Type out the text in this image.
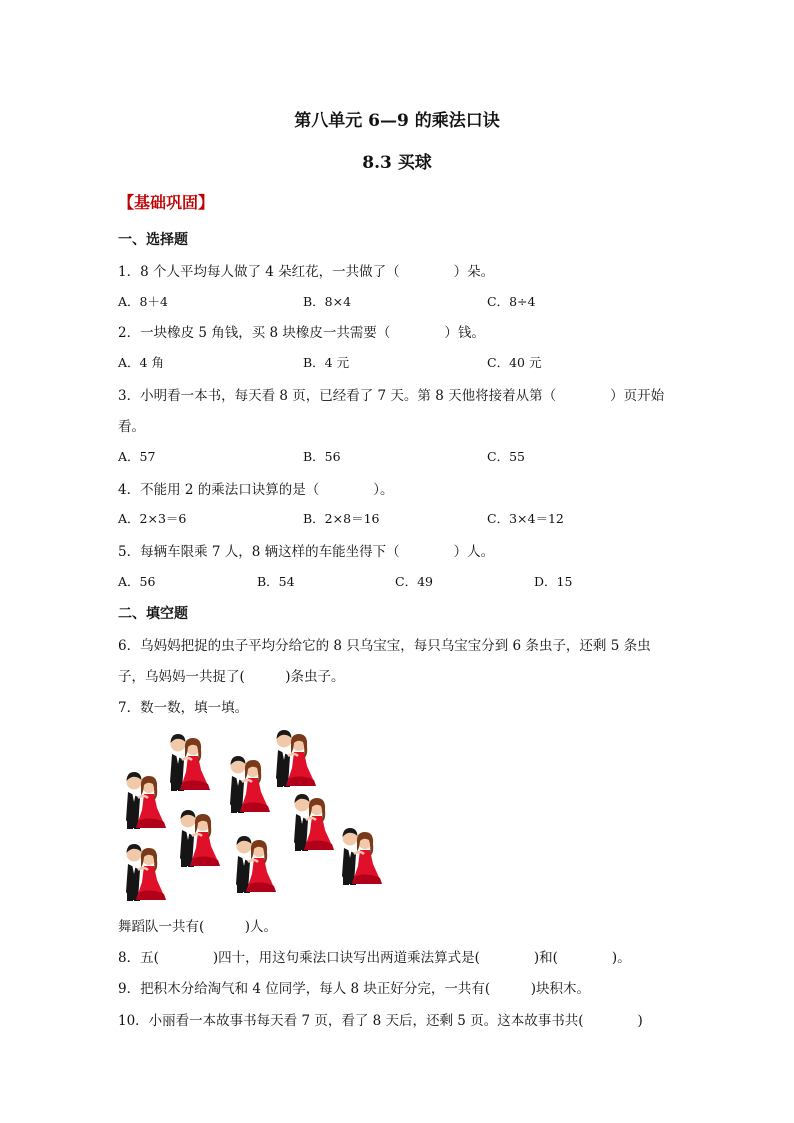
第八单元 6—9 的乘法口诀
8.3 买球
【基础巩固】
一、选择题
1．8 个人平均每人做了 4 朵红花，一共做了（　　　　）朵。
A．8＋4	B．8×4	C．8÷4
2．一块橡皮 5 角钱，买 8 块橡皮一共需要（　　　　）钱。
A．4 角	B．4 元	C．40 元
3．小明看一本书，每天看 8 页，已经看了 7 天。第 8 天他将接着从第（　　　　）页开始
看。
A．57	B．56	C．55
4．不能用 2 的乘法口诀算的是（　　　　）。
A．2×3＝6	B．2×8＝16	C．3×4＝12
5．每辆车限乘 7 人，8 辆这样的车能坐得下（　　　　）人。
A．56	B．54	C．49	D．15
二、填空题
6．乌妈妈把捉的虫子平均分给它的 8 只乌宝宝，每只乌宝宝分到 6 条虫子，还剩 5 条虫
子，乌妈妈一共捉了(　　　)条虫子。
7．数一数，填一填。
舞蹈队一共有(　　　)人。
8．五(　　　　)四十，用这句乘法口诀写出两道乘法算式是(　　　　)和(　　　　)。
9．把积木分给淘气和 4 位同学，每人 8 块正好分完，一共有(　　　)块积木。
10．小丽看一本故事书每天看 7 页，看了 8 天后，还剩 5 页。这本故事书共(　　　　)
